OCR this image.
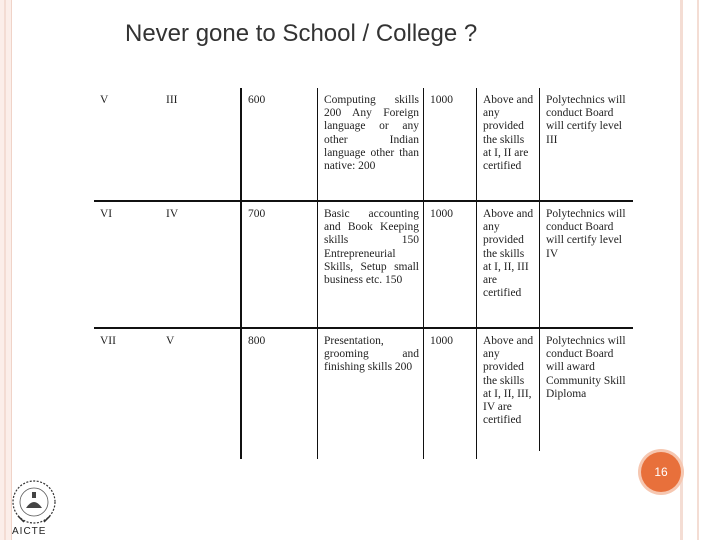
Never gone to School / College ?
V	III	600	Computing skills 200 Any Foreign language or any other Indian language other than native: 200	1000	Above and any provided the skills at I, II are certified	Polytechnics will conduct Board will certify level III
VI	IV	700	Basic accounting and Book Keeping skills 150 Entrepreneurial Skills, Setup small business etc. 150	1000	Above and any provided the skills at I, II, III are certified	Polytechnics will conduct Board will certify level IV
VII	V	800	Presentation, grooming and finishing skills 200	1000	Above and any provided the skills at I, II, III, IV are certified	Polytechnics will conduct Board will award Community Skill Diploma

16
AICTE
